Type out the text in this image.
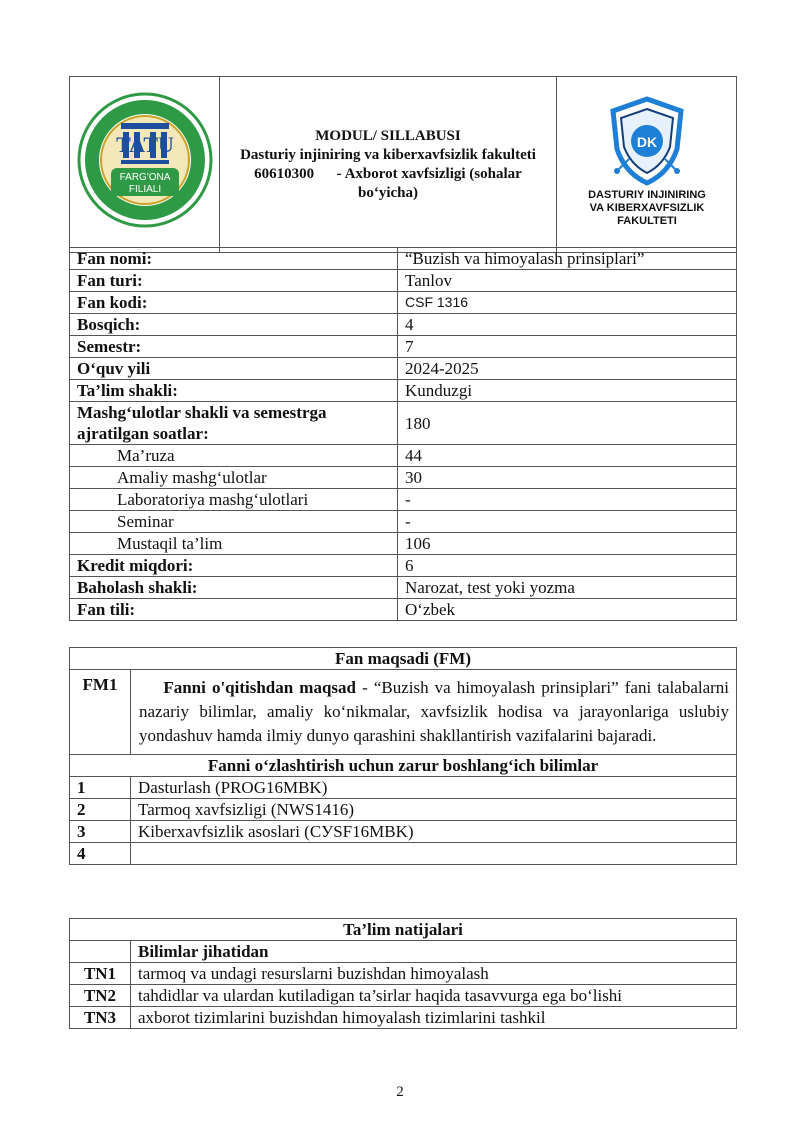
TATU
FARG'ONA
FILIALI

MODUL/ SILLABUSI
Dasturiy injiniring va kiberxavfsizlik fakulteti
60610300 - Axborot xavfsizligi (sohalar bo‘yicha)

DK
DASTURIY INJINIRING
VA KIBERXAVFSIZLIK
FAKULTETI
Fan nomi:	“Buzish va himoyalash prinsiplari”
Fan turi:	Tanlov
Fan kodi:	CSF 1316
Bosqich:	4
Semestr:	7
O‘quv yili	2024-2025
Ta’lim shakli:	Kunduzgi
Mashg‘ulotlar shakli va semestrga ajratilgan soatlar:	180
Ma’ruza	44
Amaliy mashg‘ulotlar	30
Laboratoriya mashg‘ulotlari	-
Seminar	-
Mustaqil ta’lim	106
Kredit miqdori:	6
Baholash shakli:	Narozat, test yoki yozma
Fan tili:	O‘zbek
Fan maqsadi (FM)	
FM1	Fanni o'qitishdan maqsad - “Buzish va himoyalash prinsiplari” fani talabalarni nazariy bilimlar, amaliy ko‘nikmalar, xavfsizlik hodisa va jarayonlariga uslubiy yondashuv hamda ilmiy dunyo qarashini shakllantirish vazifalarini bajaradi.
Fanni o‘zlashtirish uchun zarur boshlang‘ich bilimlar	
1	Dasturlash (PROG16MBK)
2	Tarmoq xavfsizligi (NWS1416)
3	Kiberxavfsizlik asoslari (CУSF16MBK)
4	
Ta’lim natijalari	
	Bilimlar jihatidan
TN1	tarmoq va undagi resurslarni buzishdan himoyalash
TN2	tahdidlar va ulardan kutiladigan ta’sirlar haqida tasavvurga ega bo‘lishi
TN3	axborot tizimlarini buzishdan himoyalash tizimlarini tashkil
2
